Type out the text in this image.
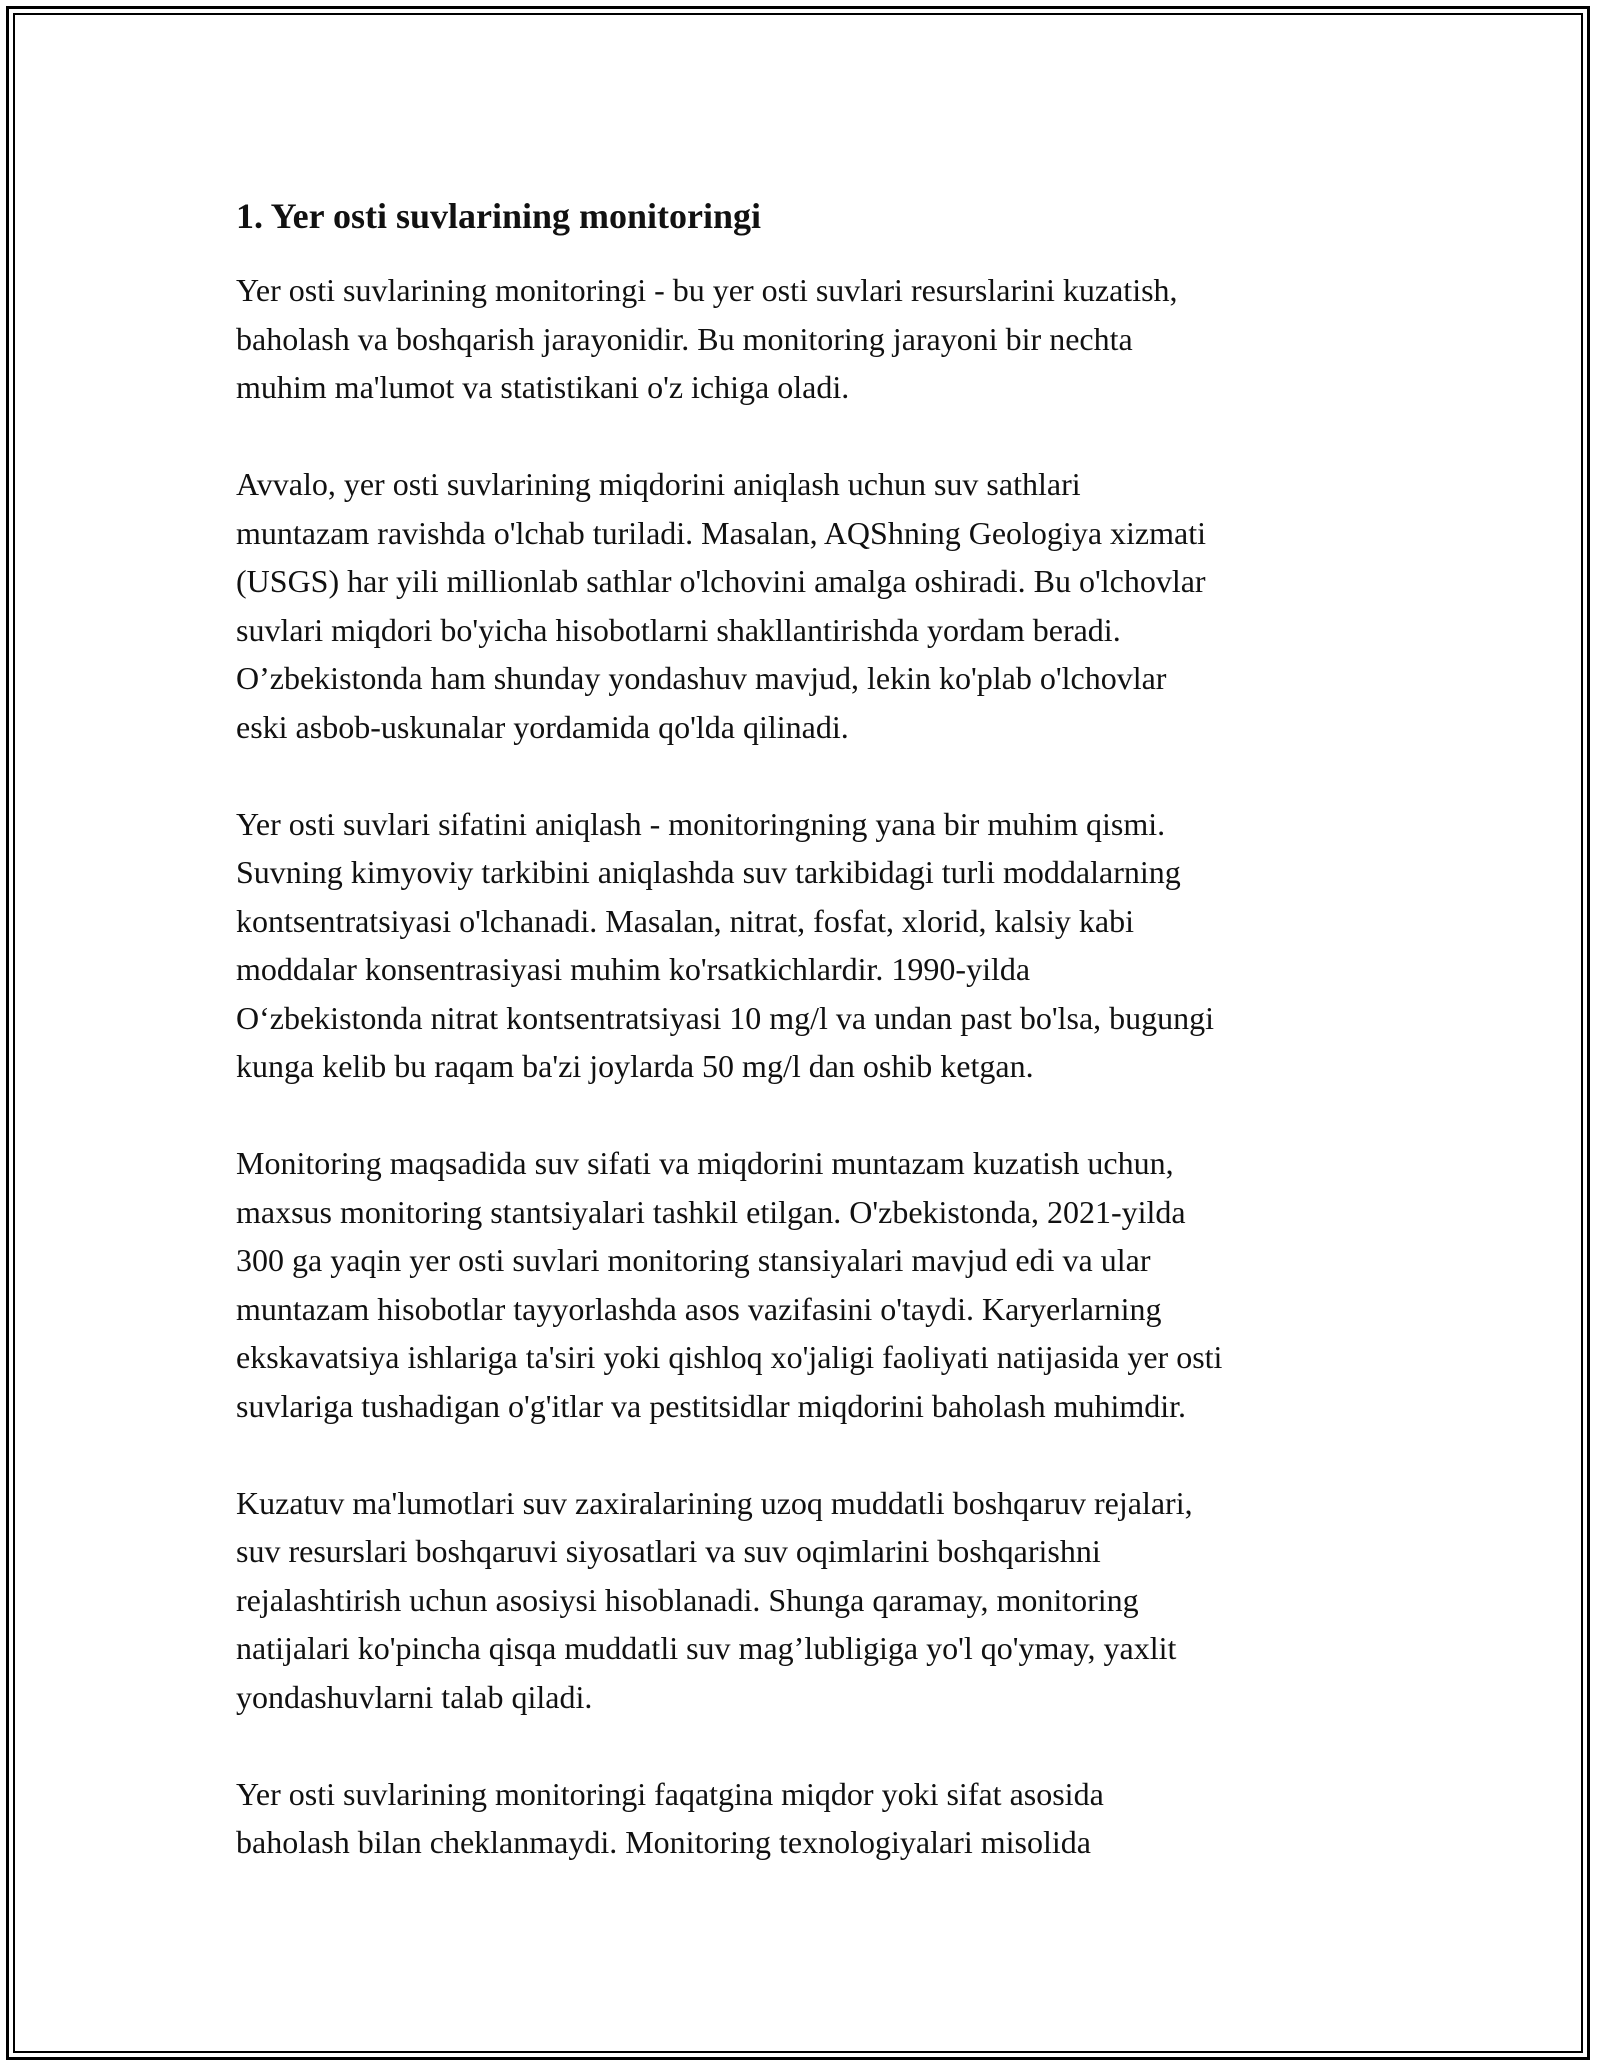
1. Yer osti suvlarining monitoringi

Yer osti suvlarining monitoringi - bu yer osti suvlari resurslarini kuzatish,
baholash va boshqarish jarayonidir. Bu monitoring jarayoni bir nechta
muhim ma'lumot va statistikani o'z ichiga oladi.

Avvalo, yer osti suvlarining miqdorini aniqlash uchun suv sathlari
muntazam ravishda o'lchab turiladi. Masalan, AQShning Geologiya xizmati
(USGS) har yili millionlab sathlar o'lchovini amalga oshiradi. Bu o'lchovlar
suvlari miqdori bo'yicha hisobotlarni shakllantirishda yordam beradi.
O’zbekistonda ham shunday yondashuv mavjud, lekin ko'plab o'lchovlar
eski asbob-uskunalar yordamida qo'lda qilinadi.

Yer osti suvlari sifatini aniqlash - monitoringning yana bir muhim qismi.
Suvning kimyoviy tarkibini aniqlashda suv tarkibidagi turli moddalarning
kontsentratsiyasi o'lchanadi. Masalan, nitrat, fosfat, xlorid, kalsiy kabi
moddalar konsentrasiyasi muhim ko'rsatkichlardir. 1990-yilda
O‘zbekistonda nitrat kontsentratsiyasi 10 mg/l va undan past bo'lsa, bugungi
kunga kelib bu raqam ba'zi joylarda 50 mg/l dan oshib ketgan.

Monitoring maqsadida suv sifati va miqdorini muntazam kuzatish uchun,
maxsus monitoring stantsiyalari tashkil etilgan. O'zbekistonda, 2021-yilda
300 ga yaqin yer osti suvlari monitoring stansiyalari mavjud edi va ular
muntazam hisobotlar tayyorlashda asos vazifasini o'taydi. Karyerlarning
ekskavatsiya ishlariga ta'siri yoki qishloq xo'jaligi faoliyati natijasida yer osti
suvlariga tushadigan o'g'itlar va pestitsidlar miqdorini baholash muhimdir.

Kuzatuv ma'lumotlari suv zaxiralarining uzoq muddatli boshqaruv rejalari,
suv resurslari boshqaruvi siyosatlari va suv oqimlarini boshqarishni
rejalashtirish uchun asosiysi hisoblanadi. Shunga qaramay, monitoring
natijalari ko'pincha qisqa muddatli suv mag’lubligiga yo'l qo'ymay, yaxlit
yondashuvlarni talab qiladi.

Yer osti suvlarining monitoringi faqatgina miqdor yoki sifat asosida
baholash bilan cheklanmaydi. Monitoring texnologiyalari misolida
